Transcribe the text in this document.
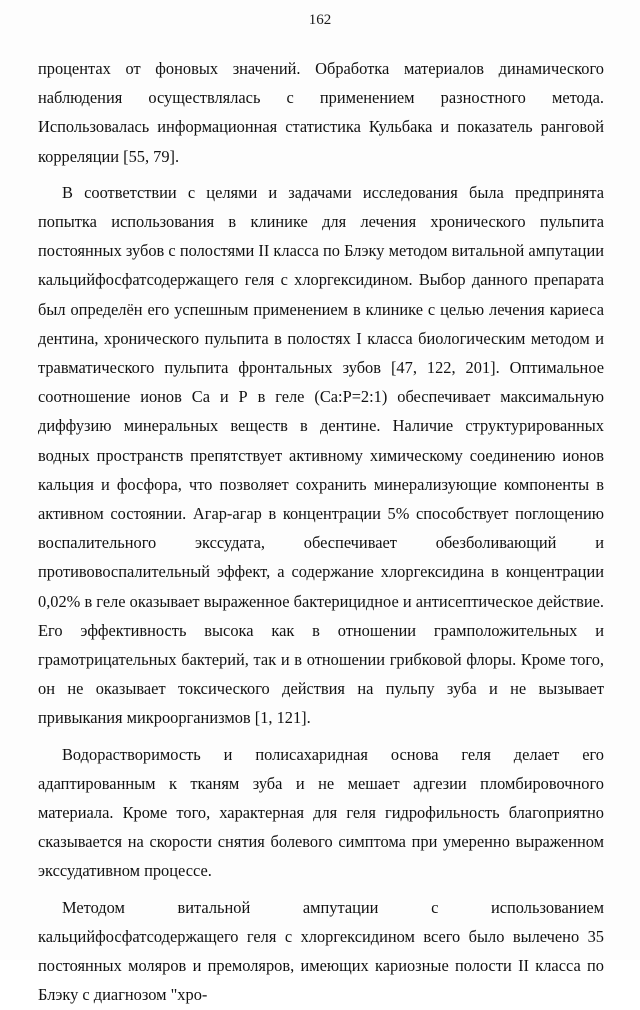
162

процентах от фоновых значений. Обработка материалов динамического наблюдения осуществлялась с применением разностного метода. Использовалась информационная статистика Кульбака и показатель ранговой корреляции [55, 79].

В соответствии с целями и задачами исследования была предпринята попытка использования в клинике для лечения хронического пульпита постоянных зубов с полостями II класса по Блэку методом витальной ампутации кальцийфосфатсодержащего геля с хлоргексидином. Выбор данного препарата был определён его успешным применением в клинике с целью лечения кариеса дентина, хронического пульпита в полостях I класса биологическим методом и травматического пульпита фронтальных зубов [47, 122, 201]. Оптимальное соотношение ионов Са и Р в геле (Са:Р=2:1) обеспечивает максимальную диффузию минеральных веществ в дентине. Наличие структурированных водных пространств препятствует активному химическому соединению ионов кальция и фосфора, что позволяет сохранить минерализующие компоненты в активном состоянии. Агар-агар в концентрации 5% способствует поглощению воспалительного экссудата, обеспечивает обезболивающий и противовоспалительный эффект, а содержание хлоргексидина в концентрации 0,02% в геле оказывает выраженное бактерицидное и антисептическое действие. Его эффективность высока как в отношении грамположительных и грамотрицательных бактерий, так и в отношении грибковой флоры. Кроме того, он не оказывает токсического действия на пульпу зуба и не вызывает привыкания микроорганизмов [1, 121].

Водорастворимость и полисахаридная основа геля делает его адаптированным к тканям зуба и не мешает адгезии пломбировочного материала. Кроме того, характерная для геля гидрофильность благоприятно сказывается на скорости снятия болевого симптома при умеренно выраженном экссудативном процессе.

Методом витальной ампутации с использованием кальцийфосфатсодержащего геля с хлоргексидином всего было вылечено 35 постоянных моляров и премоляров, имеющих кариозные полости II класса по Блэку с диагнозом "хро-
